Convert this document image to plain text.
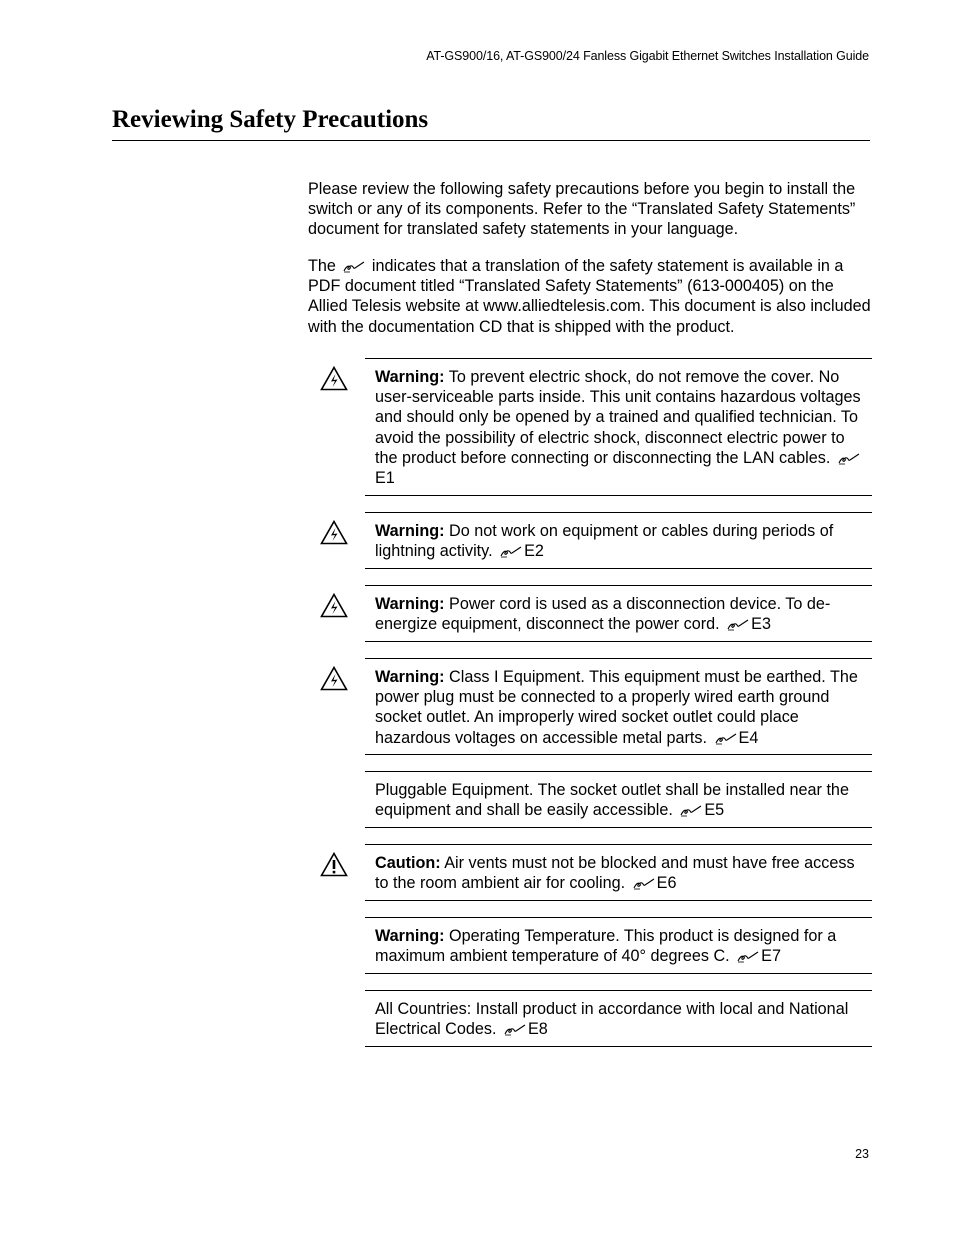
AT-GS900/16, AT-GS900/24 Fanless Gigabit Ethernet Switches Installation Guide
Reviewing Safety Precautions

Please review the following safety precautions before you begin to install the switch or any of its components. Refer to the “Translated Safety Statements” document for translated safety statements in your language.

The indicates that a translation of the safety statement is available in a PDF document titled “Translated Safety Statements” (613-000405) on the Allied Telesis website at www.alliedtelesis.com. This document is also included with the documentation CD that is shipped with the product.

Warning: To prevent electric shock, do not remove the cover. No user-serviceable parts inside. This unit contains hazardous voltages and should only be opened by a trained and qualified technician. To avoid the possibility of electric shock, disconnect electric power to the product before connecting or disconnecting the LAN cables. E1

Warning: Do not work on equipment or cables during periods of lightning activity. E2

Warning: Power cord is used as a disconnection device. To de-energize equipment, disconnect the power cord. E3

Warning: Class I Equipment. This equipment must be earthed. The power plug must be connected to a properly wired earth ground socket outlet. An improperly wired socket outlet could place hazardous voltages on accessible metal parts. E4

Pluggable Equipment. The socket outlet shall be installed near the equipment and shall be easily accessible. E5

Caution: Air vents must not be blocked and must have free access to the room ambient air for cooling. E6

Warning: Operating Temperature. This product is designed for a maximum ambient temperature of 40° degrees C. E7

All Countries: Install product in accordance with local and National Electrical Codes. E8

23
